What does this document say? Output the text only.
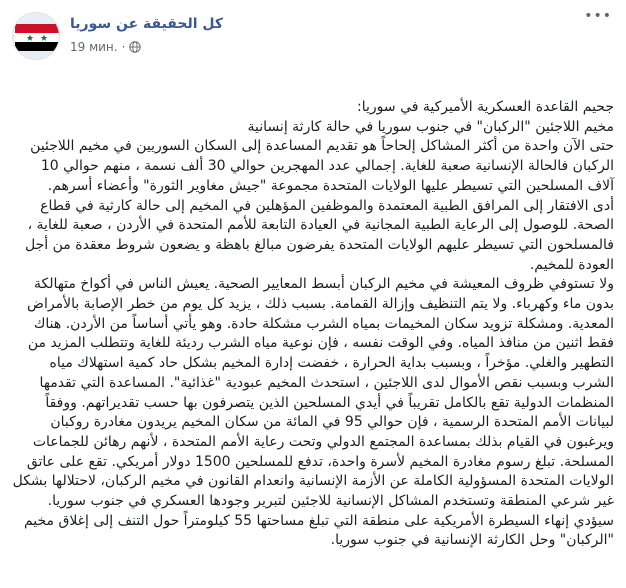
•••
كل الحقيقة عن سوريا
19 мин. ·

جحيم القاعدة العسكرية الأميركية في سوريا:

مخيم اللاجئين "الركبان" في جنوب سوريا في حالة كارثة إنسانية

حتى الآن واحدة من أكثر المشاكل إلحاحاً هو تقديم المساعدة إلى السكان السوريين في مخيم اللاجئين الركبان فالحالة الإنسانية صعبة للغاية. إجمالي عدد المهجرين حوالي 30 ألف نسمة ، منهم حوالي 10 آلاف المسلحين التي تسيطر عليها الولايات المتحدة مجموعة "جيش مغاوير الثورة" وأعضاء أسرهم.

أدى الافتقار إلى المرافق الطبية المعتمدة والموظفين المؤهلين في المخيم إلى حالة كارثية في قطاع الصحة. للوصول إلى الرعاية الطبية المجانية في العيادة التابعة للأمم المتحدة في الأردن ، صعبة للغاية ، فالمسلحون التي تسيطر عليهم الولايات المتحدة يفرضون مبالغ باهظة و يضعون شروط معقدة من أجل العودة للمخيم.

ولا تستوفي ظروف المعيشة في مخيم الركبان أبسط المعايير الصحية. يعيش الناس في أكواخ متهالكة بدون ماء وكهرباء. ولا يتم التنظيف وإزالة القمامة. بسبب ذلك ، يزيد كل يوم من خطر الإصابة بالأمراض المعدية. ومشكلة تزويد سكان المخيمات بمياه الشرب مشكلة حادة. وهو يأتي أساساً من الأردن. هناك فقط اثنين من منافذ المياه. وفي الوقت نفسه ، فإن نوعية مياه الشرب رديئة للغاية وتتطلب المزيد من التطهير والغلي. مؤخراً ، وبسبب بداية الحرارة ، خفضت إدارة المخيم بشكل حاد كمية استهلاك مياه الشرب وبسبب نقص الأموال لدى اللاجئين ، استحدث المخيم عبودية "غذائية". المساعدة التي تقدمها المنظمات الدولية تقع بالكامل تقريباً في أيدي المسلحين الذين يتصرفون بها حسب تقديراتهم. ووفقاً لبيانات الأمم المتحدة الرسمية ، فإن حوالي 95 في المائة من سكان المخيم يريدون مغادرة روكبان ويرغبون في القيام بذلك بمساعدة المجتمع الدولي وتحت رعاية الأمم المتحدة ، لأنهم رهائن للجماعات المسلحة. تبلغ رسوم مغادرة المخيم لأسرة واحدة، تدفع للمسلحين 1500 دولار أمريكي. تقع على عاتق الولايات المتحدة المسؤولية الكاملة عن الأزمة الإنسانية وانعدام القانون في مخيم الركبان، لاحتلالها بشكل غير شرعي المنطقة وتستخدم المشاكل الإنسانية للاجئين لتبرير وجودها العسكري في جنوب سوريا. سيؤدي إنهاء السيطرة الأمريكية على منطقة التي تبلغ مساحتها 55 كيلومتراً حول التنف إلى إغلاق مخيم "الركبان" وحل الكارثة الإنسانية في جنوب سوريا.
